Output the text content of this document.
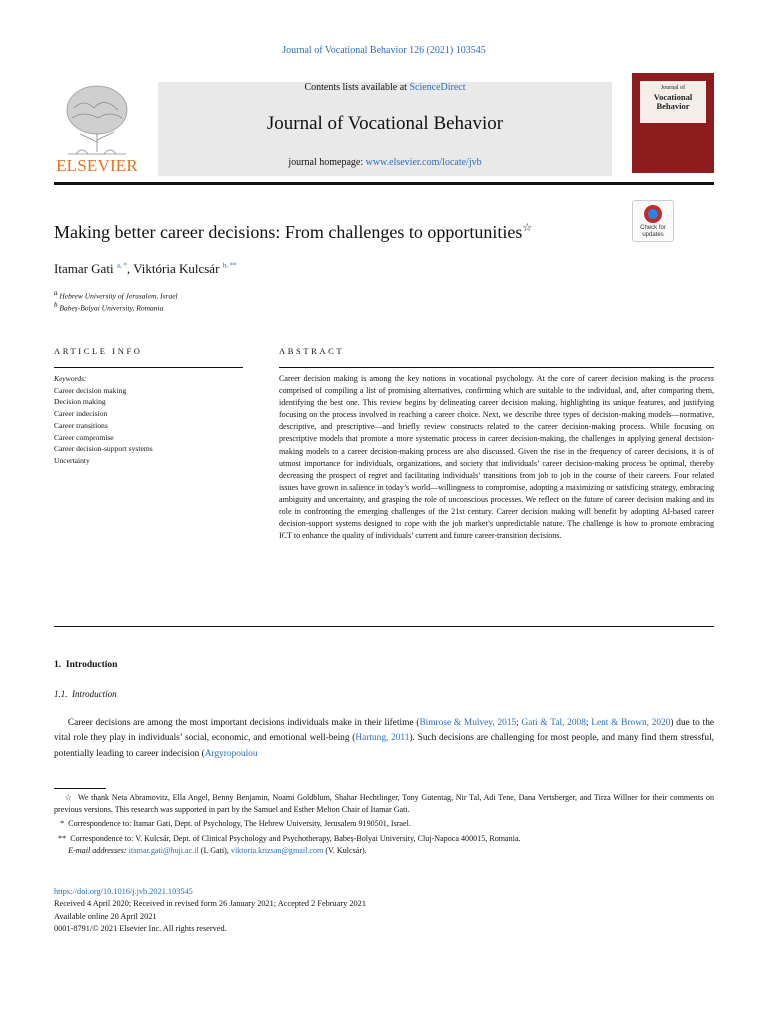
Journal of Vocational Behavior 126 (2021) 103545
ELSEVIER
Contents lists available at ScienceDirect
Journal of Vocational Behavior
journal homepage: www.elsevier.com/locate/jvb
Journal of
Vocational Behavior
Making better career decisions: From challenges to opportunities☆	Check for updates
Itamar Gati $^{a, *}$, Viktória Kulcsár $^{b, **}$
$^a$ Hebrew University of Jerusalem, Israel
$^b$ Babeș-Bolyai University, Romania
ARTICLE INFO	ABSTRACT
Keywords:
Career decision making
Decision making
Career indecision
Career transitions
Career compromise
Career decision-support systems
Uncertainty
Career decision making is among the key notions in vocational psychology. At the core of career decision making is the process comprised of compiling a list of promising alternatives, confirming which are suitable to the individual, and, after comparing them, identifying the best one. This review begins by delineating career decision making, highlighting its unique features, and justifying focusing on the process involved in reaching a career choice. Next, we describe three types of decision-making models—normative, descriptive, and prescriptive—and briefly review constructs related to the career decision-making process. While focusing on prescriptive models that promote a more systematic process in career decision-making, the challenges in applying general decision-making models to a career decision-making process are also discussed. Given the rise in the frequency of career decisions, it is of utmost importance for individuals, organizations, and society that individuals’ career decision-making process be optimal, thereby decreasing the prospect of regret and facilitating individuals’ transitions from job to job in the course of their careers. Four related issues have grown in salience in today’s world—willingness to compromise, adopting a maximizing or satisficing strategy, embracing ambiguity and uncertainty, and grasping the role of unconscious processes. We reflect on the future of career decision making and its role in confronting the emerging challenges of the 21st century. Career decision making will benefit by adopting AI-based career decision-support systems designed to cope with the job market’s unpredictable nature. The challenge is how to promote embracing ICT to enhance the quality of individuals’ current and future career-transition decisions.
1. Introduction
1.1. Introduction
Career decisions are among the most important decisions individuals make in their lifetime (Bimrose & Mulvey, 2015; Gati & Tal, 2008; Lent & Brown, 2020) due to the vital role they play in individuals’ social, economic, and emotional well-being (Hartung, 2011). Such decisions are challenging for most people, and many find them stressful, potentially leading to career indecision (Argyropoulou

☆ We thank Neta Abramovitz, Ella Angel, Benny Benjamin, Noami Goldblum, Shahar Hechtlinger, Tony Gutentag, Nir Tal, Adi Tene, Dana Vertsberger, and Tirza Willner for their comments on previous versions. This research was supported in part by the Samuel and Esther Melton Chair of Itamar Gati.

* Correspondence to: Itamar Gati, Dept. of Psychology, The Hebrew University, Jerusalem 9190501, Israel.

** Correspondence to: V. Kulcsár, Dept. of Clinical Psychology and Psychotherapy, Babeș-Bolyai University, Cluj-Napoca 400015, Romania.

E-mail addresses: itamar.gati@huji.ac.il (I. Gati), viktoria.krizsan@gmail.com (V. Kulcsár).

https://doi.org/10.1016/j.jvb.2021.103545
Received 4 April 2020; Received in revised form 26 January 2021; Accepted 2 February 2021
Available online 20 April 2021
0001-8791/© 2021 Elsevier Inc. All rights reserved.
